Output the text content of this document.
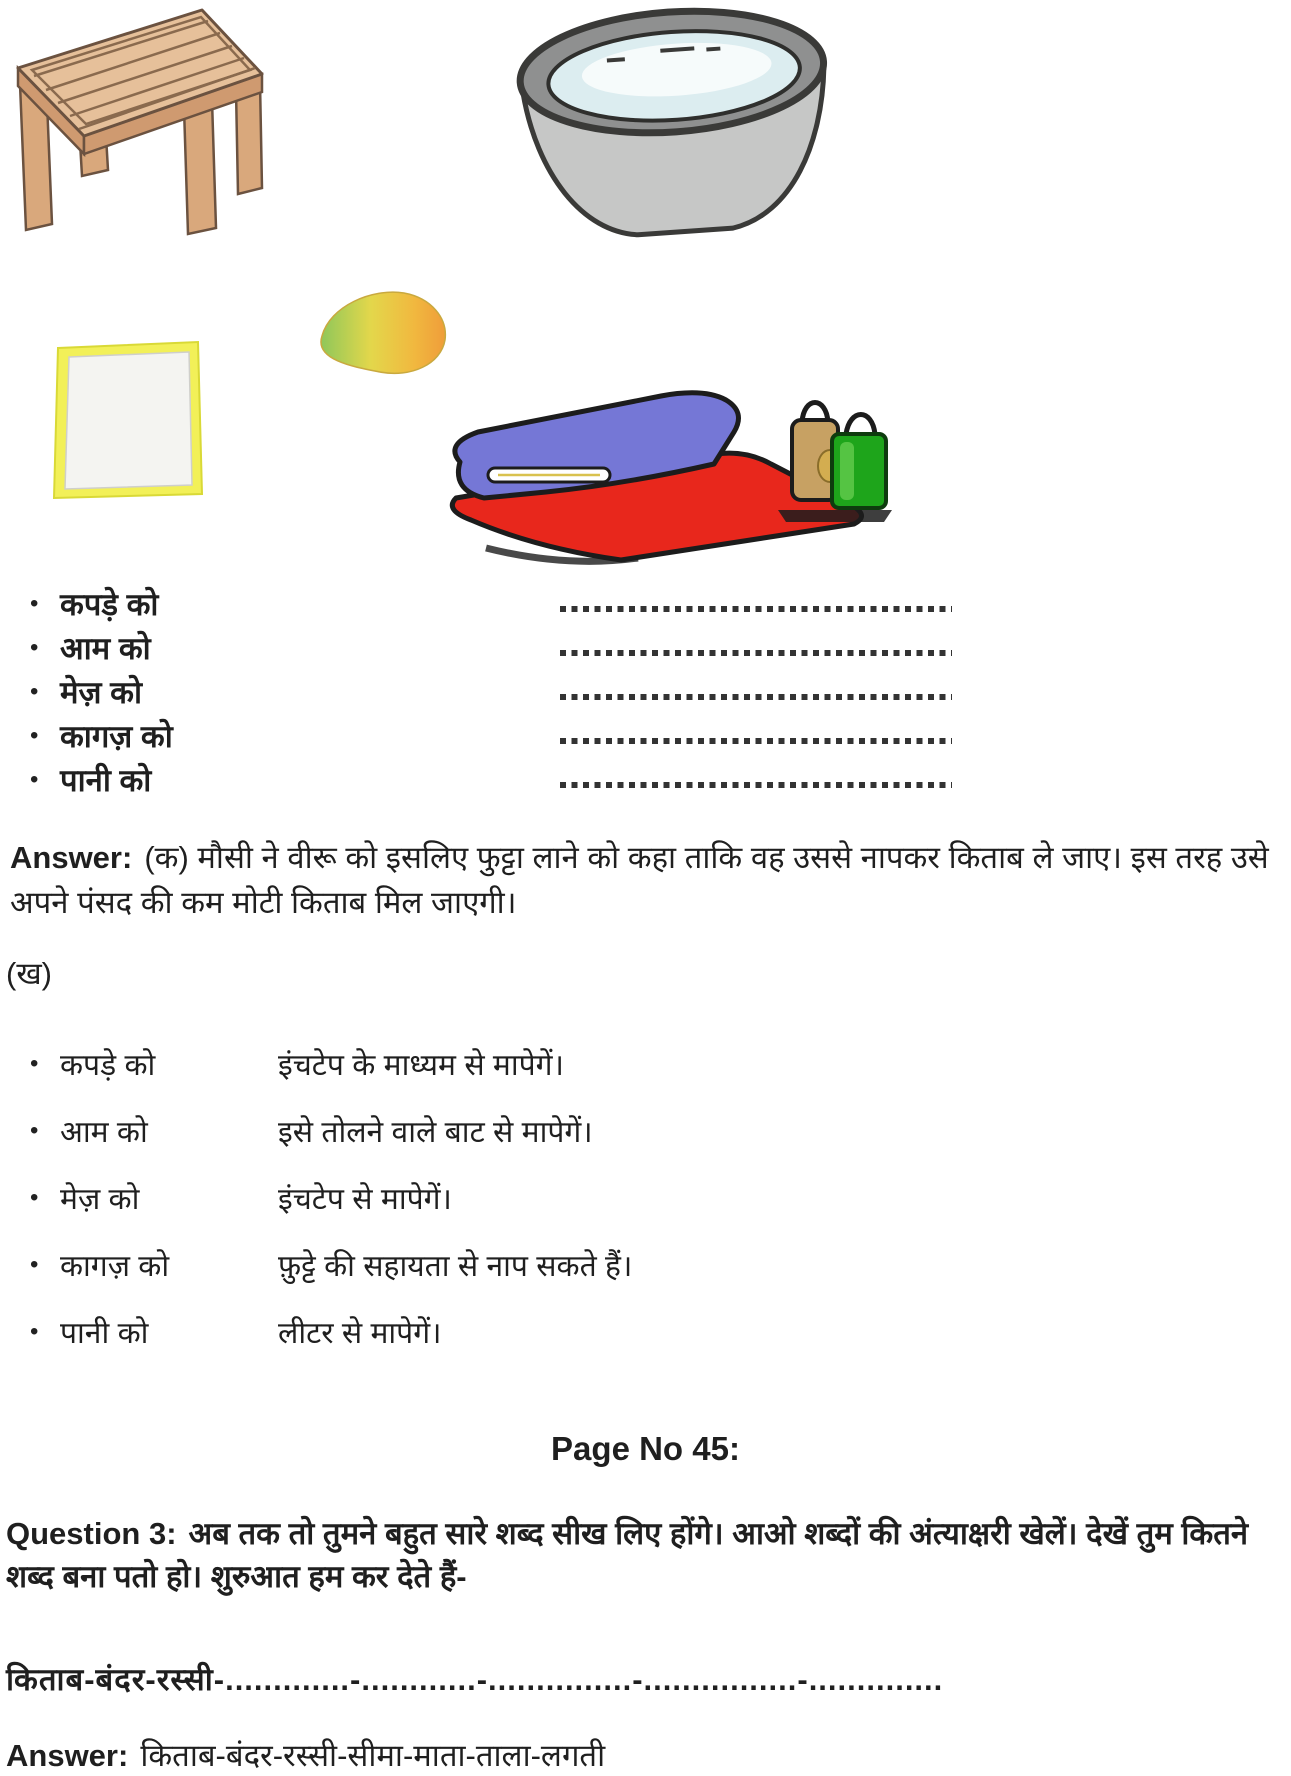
• कपड़े को
• आम को
• मेज़ को
• कागज़ को
• पानी को

Answer: (क) मौसी ने वीरू को इसलिए फुट्टा लाने को कहा ताकि वह उससे नापकर किताब ले जाए। इस तरह उसे अपने पंसद की कम मोटी किताब मिल जाएगी।

(ख)
• कपड़े को	इंचटेप के माध्यम से मापेगें।
• आम को	इसे तोलने वाले बाट से मापेगें।
• मेज़ को	इंचटेप से मापेगें।
• कागज़ को	फ़ुट्टे की सहायता से नाप सकते हैं।
• पानी को	लीटर से मापेगें।
Page No 45:

Question 3: अब तक तो तुमने बहुत सारे शब्द सीख लिए होंगे। आओ शब्दों की अंत्याक्षरी खेलें। देखें तुम कितने शब्द बना पतो हो। शुरुआत हम कर देते हैं-

किताब-बंदर-रस्सी-.............-............-...............-................-..............

Answer: किताब-बंदर-रस्सी-सीमा-माता-ताला-लगती
